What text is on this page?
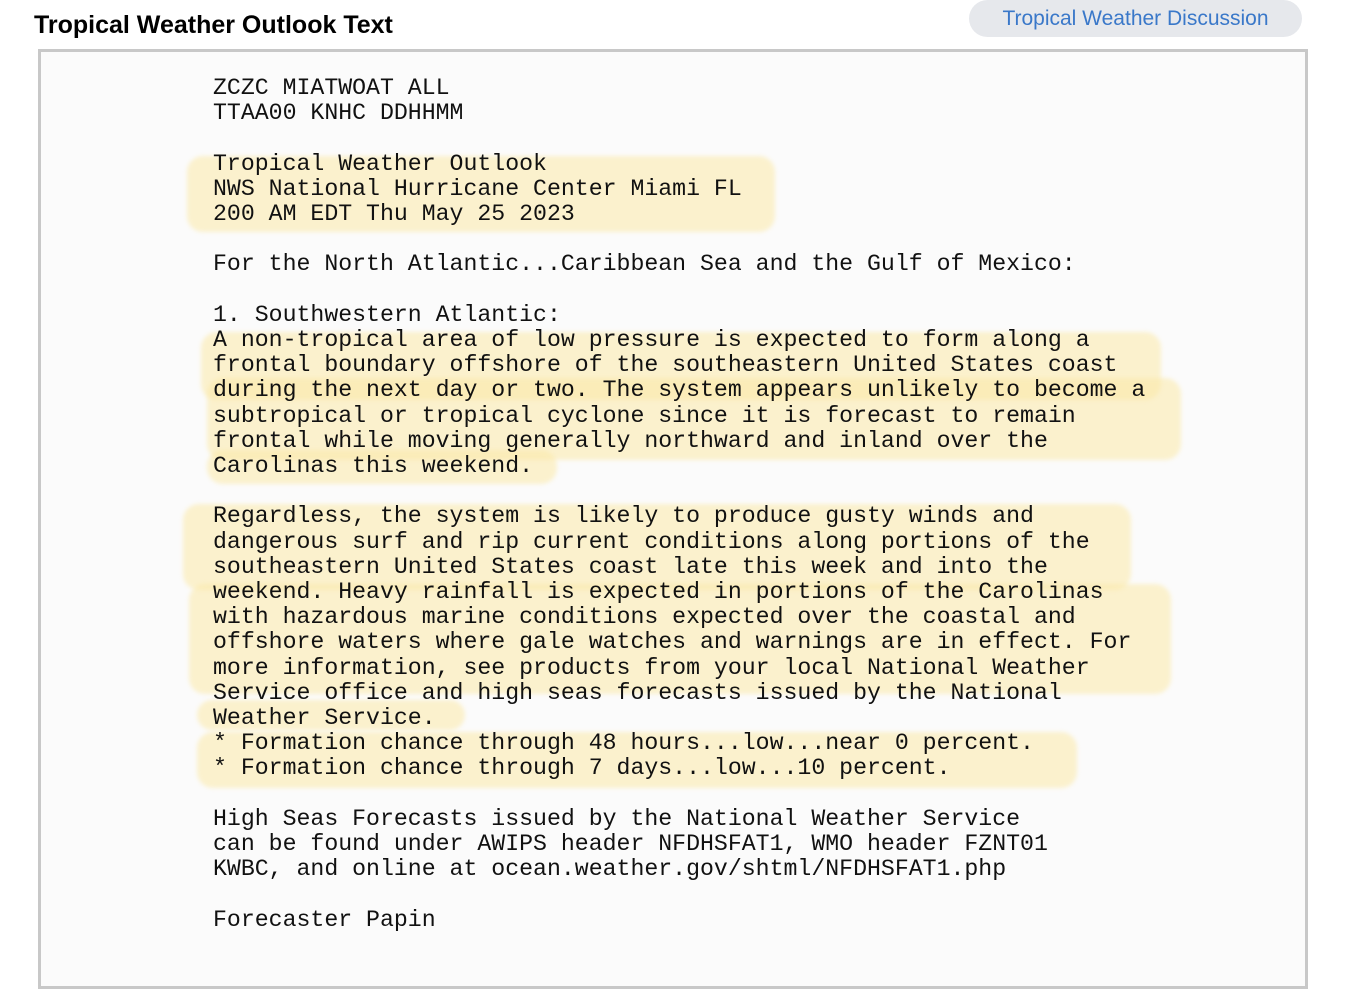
Tropical Weather Outlook Text	Tropical Weather Discussion
ZCZC MIATWOAT ALL
TTAA00 KNHC DDHHMM

Tropical Weather Outlook
NWS National Hurricane Center Miami FL
200 AM EDT Thu May 25 2023

For the North Atlantic...Caribbean Sea and the Gulf of Mexico:

1. Southwestern Atlantic:
A non-tropical area of low pressure is expected to form along a
frontal boundary offshore of the southeastern United States coast
during the next day or two. The system appears unlikely to become a
subtropical or tropical cyclone since it is forecast to remain
frontal while moving generally northward and inland over the
Carolinas this weekend.

Regardless, the system is likely to produce gusty winds and
dangerous surf and rip current conditions along portions of the
southeastern United States coast late this week and into the
weekend. Heavy rainfall is expected in portions of the Carolinas
with hazardous marine conditions expected over the coastal and
offshore waters where gale watches and warnings are in effect. For
more information, see products from your local National Weather
Service office and high seas forecasts issued by the National
Weather Service.
* Formation chance through 48 hours...low...near 0 percent.
* Formation chance through 7 days...low...10 percent.

High Seas Forecasts issued by the National Weather Service
can be found under AWIPS header NFDHSFAT1, WMO header FZNT01
KWBC, and online at ocean.weather.gov/shtml/NFDHSFAT1.php

Forecaster Papin
